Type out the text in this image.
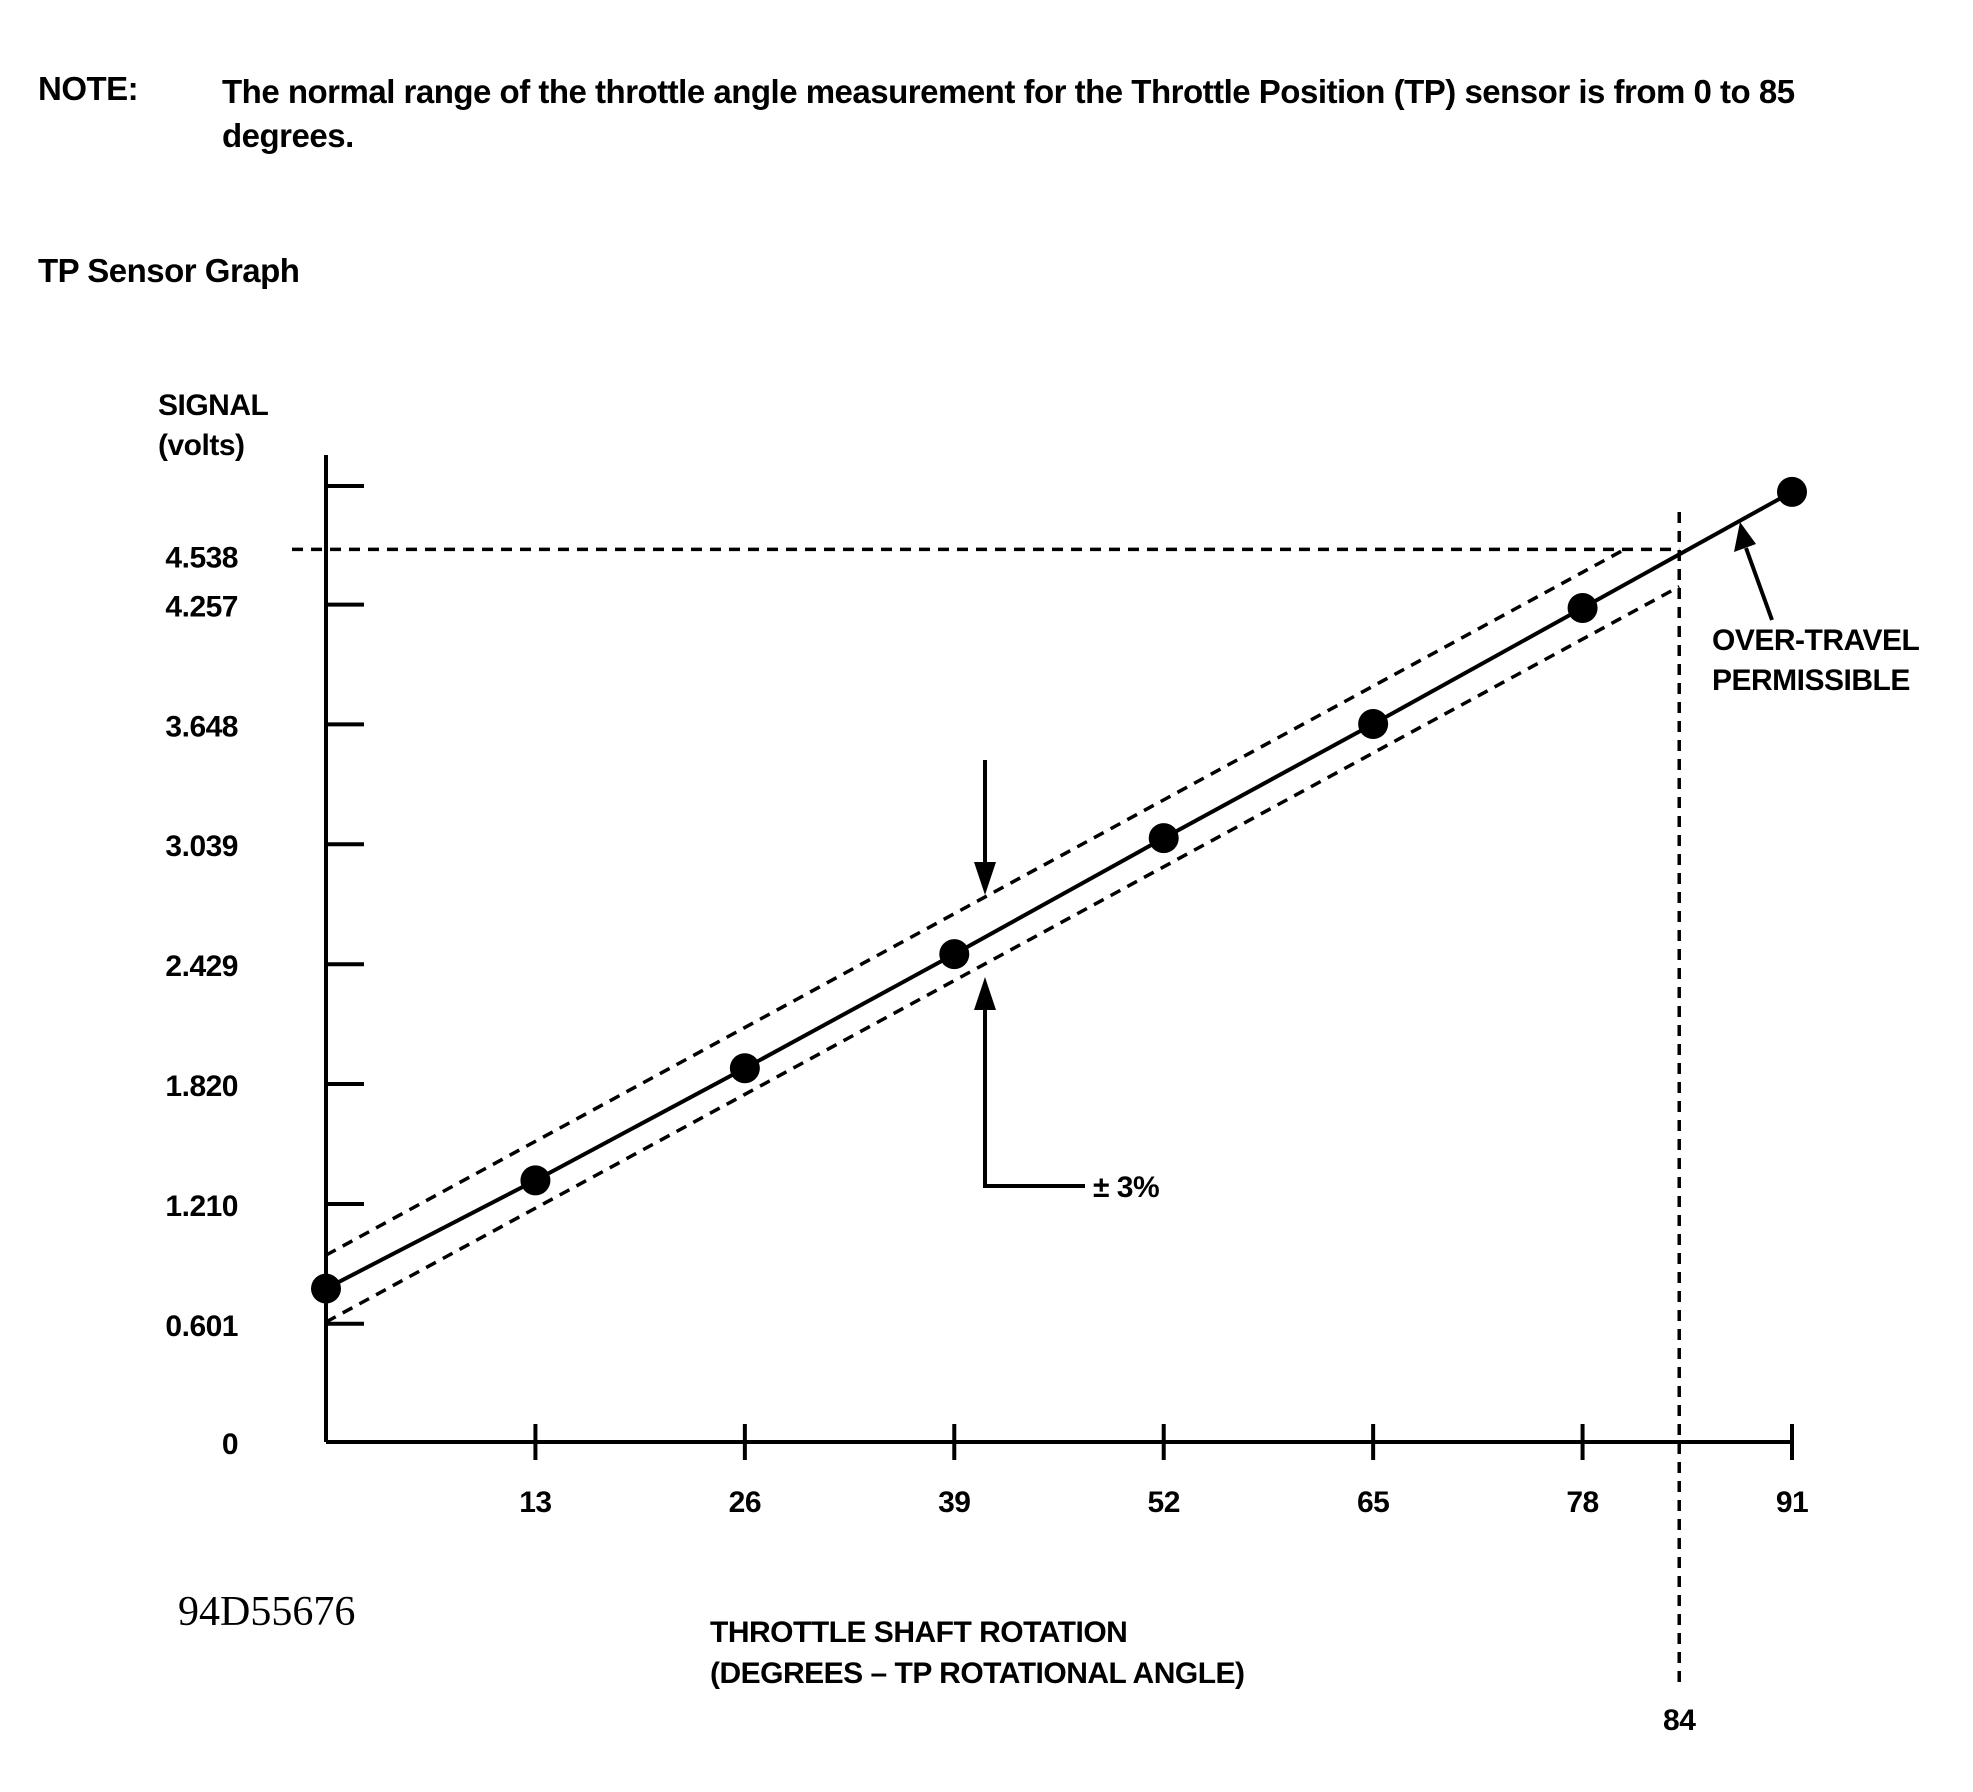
NOTE:	The normal range of the throttle angle measurement for the Throttle Position (TP) sensor is from 0 to 85 degrees.
TP Sensor Graph
0
0.601
1.210
1.820
2.429
3.039
3.648
4.257
13	26	39	52	65	78	91
SIGNAL
(volts)
THROTTLE SHAFT ROTATION
(DEGREES – TP ROTATIONAL ANGLE)
4.538
84
± 3%
OVER-TRAVEL
PERMISSIBLE
94D55676
